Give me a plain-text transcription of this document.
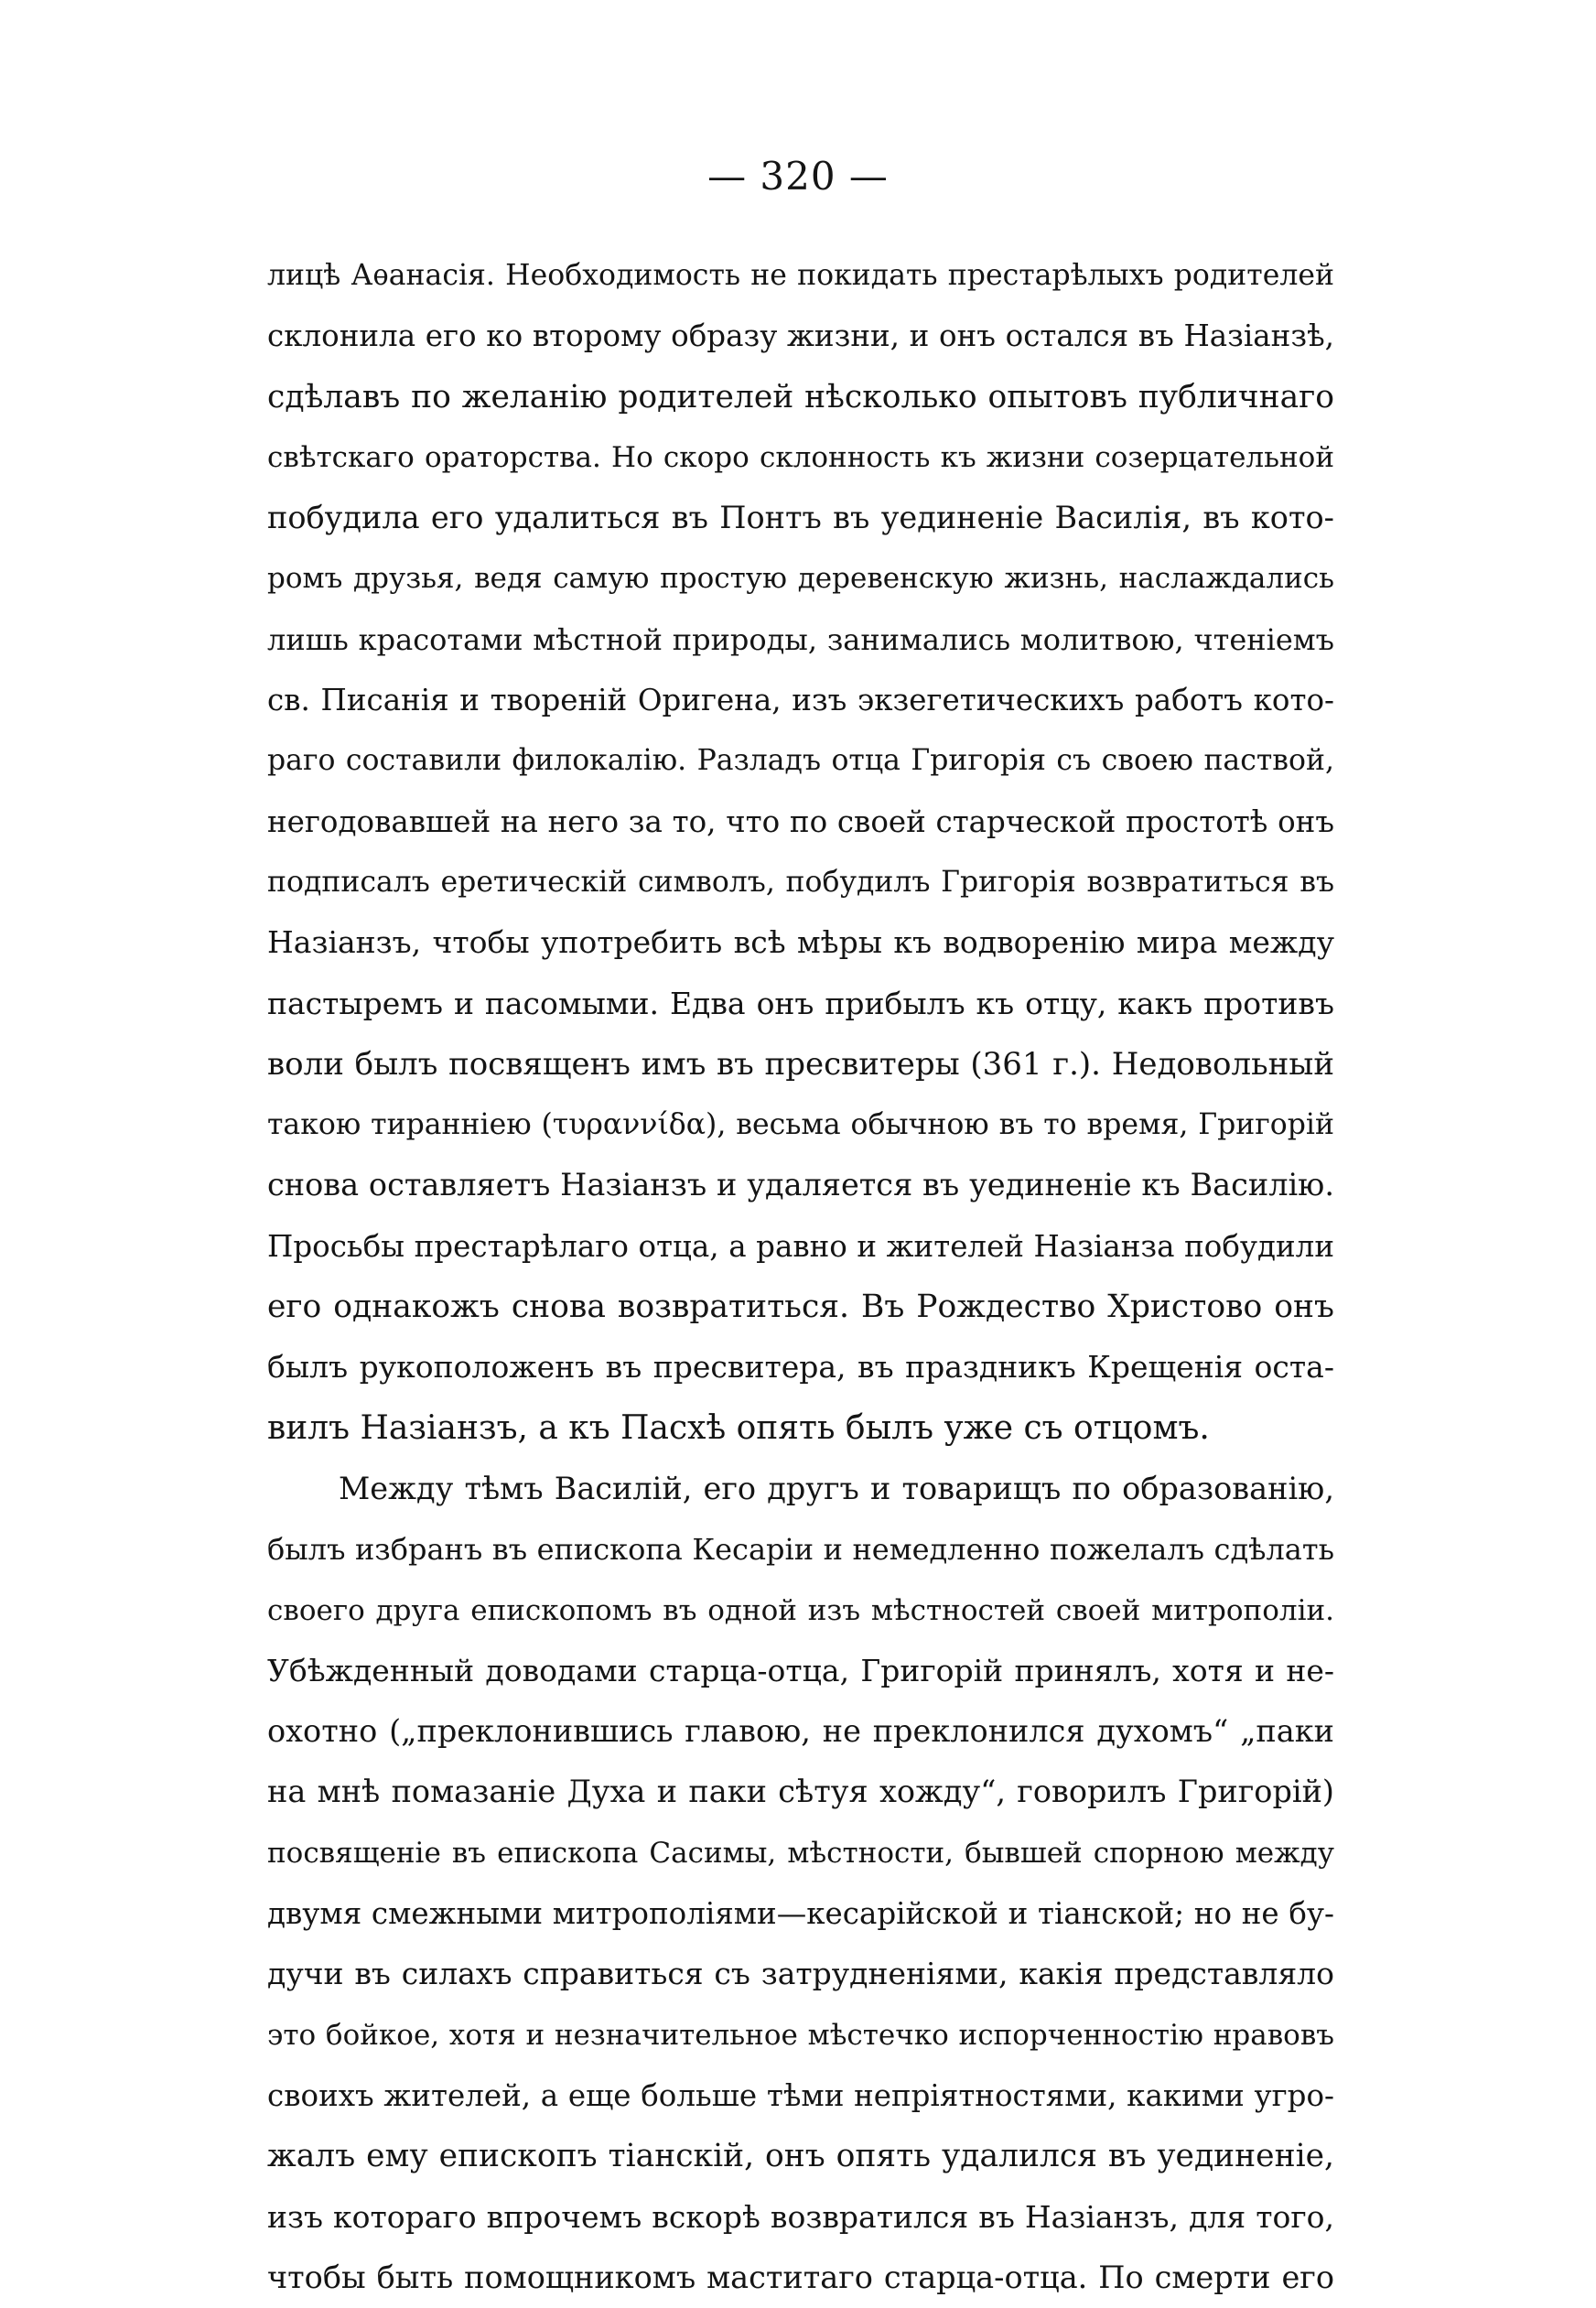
— 320 —
лицѣ Аѳанасія. Необходимость не покидать престарѣлыхъ родителей
склонила его ко второму образу жизни, и онъ остался въ Назіанзѣ,
сдѣлавъ по желанію родителей нѣсколько опытовъ публичнаго
свѣтскаго ораторства. Но скоро склонность къ жизни созерцательной
побудила его удалиться въ Понтъ въ уединеніе Василія, въ кото-
ромъ друзья, ведя самую простую деревенскую жизнь, наслаждались
лишь красотами мѣстной природы, занимались молитвою, чтеніемъ
св. Писанія и твореній Оригена, изъ экзегетическихъ работъ кото-
раго составили филокалію. Разладъ отца Григорія съ своею паствой,
негодовавшей на него за то, что по своей старческой простотѣ онъ
подписалъ еретическій символъ, побудилъ Григорія возвратиться въ
Назіанзъ, чтобы употребить всѣ мѣры къ водворенію мира между
пастыремъ и пасомыми. Едва онъ прибылъ къ отцу, какъ противъ
воли былъ посвященъ имъ въ пресвитеры (361 г.). Недовольный
такою тираннiею (τυραννίδα), весьма обычною въ то время, Григорій
снова оставляетъ Назіанзъ и удаляется въ уединеніе къ Василію.
Просьбы престарѣлаго отца, а равно и жителей Назіанза побудили
его однакожъ снова возвратиться. Въ Рождество Христово онъ
былъ рукоположенъ въ пресвитера, въ праздникъ Крещенія оста-
вилъ Назіанзъ, а къ Пасхѣ опять былъ уже съ отцомъ.
Между тѣмъ Василій, его другъ и товарищъ по образованію,
былъ избранъ въ епископа Кесаріи и немедленно пожелалъ сдѣлать
своего друга епископомъ въ одной изъ мѣстностей своей митрополіи.
Убѣжденный доводами старца-отца, Григорій принялъ, хотя и не-
охотно („преклонившись главою, не преклонился духомъ“ „паки
на мнѣ помазаніе Духа и паки сѣтуя хожду“, говорилъ Григорій)
посвященіе въ епископа Сасимы, мѣстности, бывшей спорною между
двумя смежными митрополіями—кесарійской и тіанской; но не бу-
дучи въ силахъ справиться съ затрудненіями, какія представляло
это бойкое, хотя и незначительное мѣстечко испорченностію нравовъ
своихъ жителей, а еще больше тѣми непріятностями, какими угро-
жалъ ему епископъ тіанскій, онъ опять удалился въ уединеніе,
изъ котораго впрочемъ вскорѣ возвратился въ Назіанзъ, для того,
чтобы быть помощникомъ маститаго старца-отца. По смерти его
